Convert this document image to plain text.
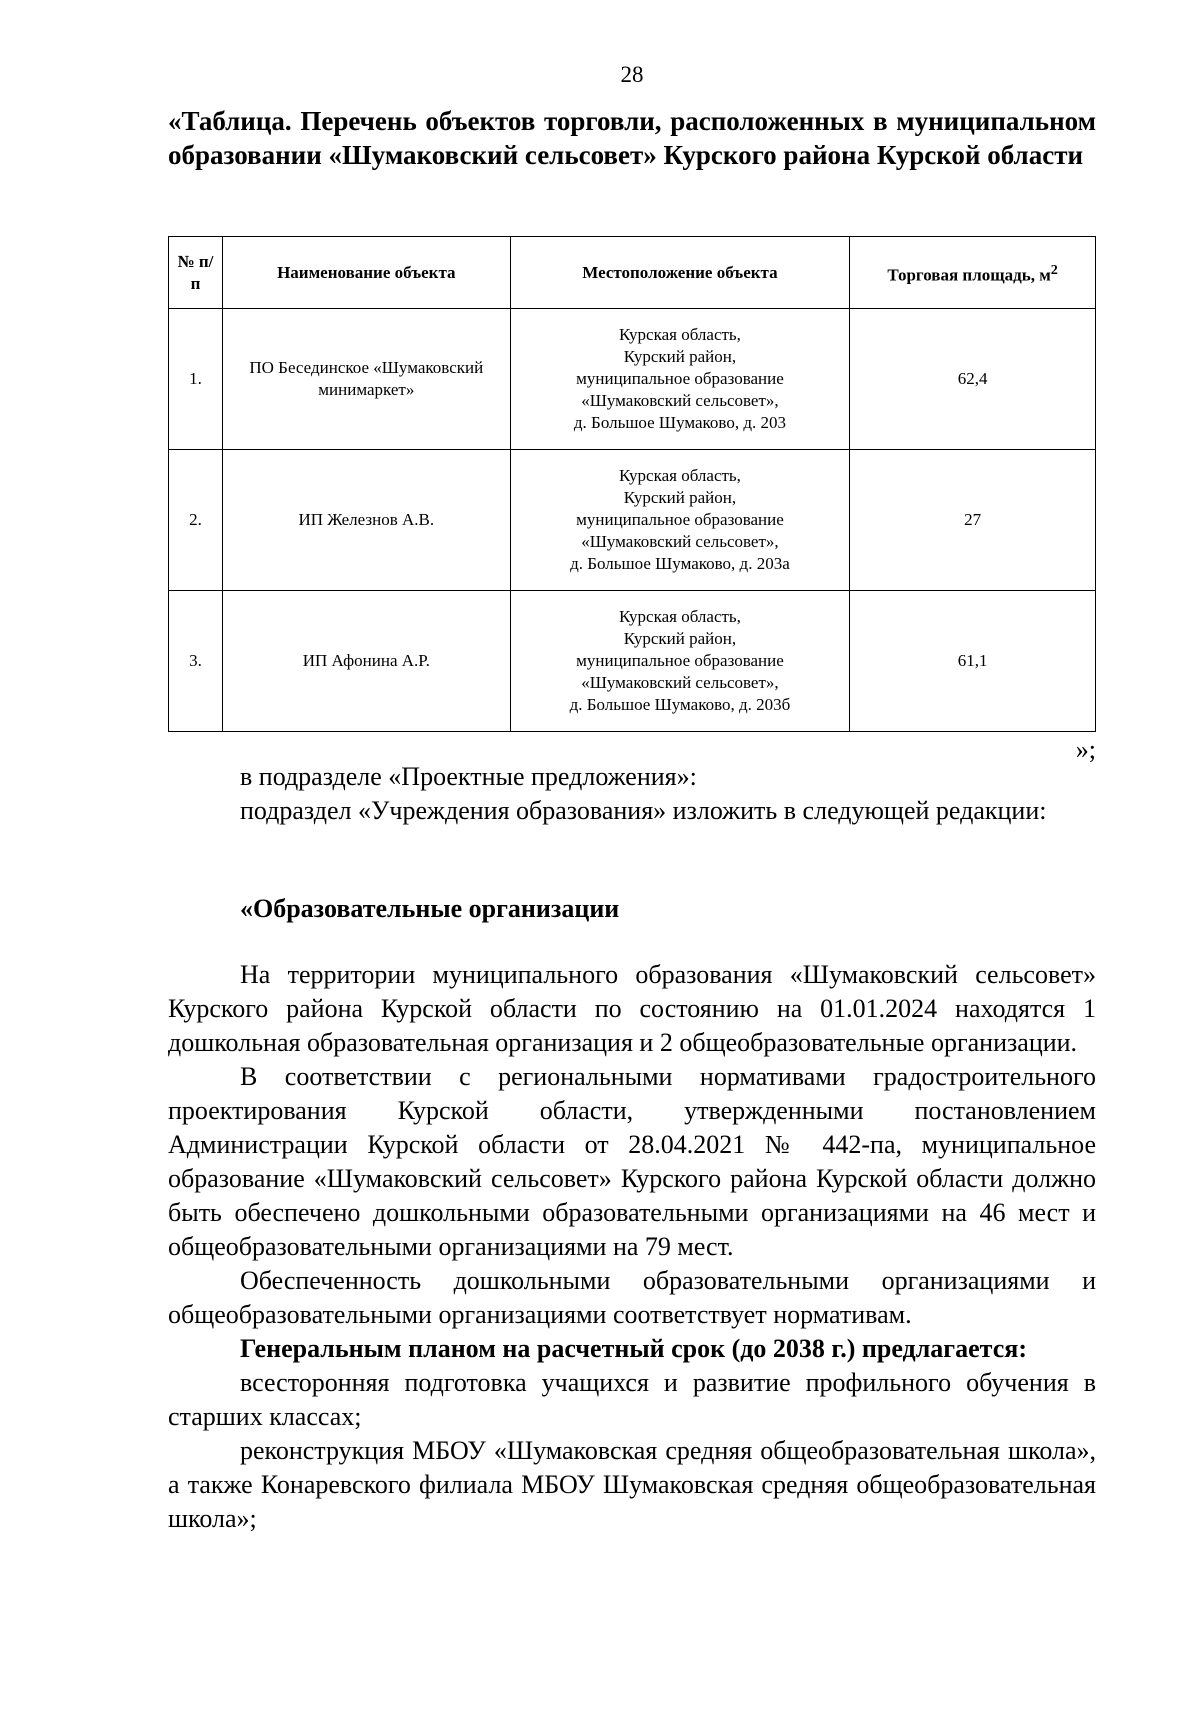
28
«Таблица. Перечень объектов торговли, расположенных в муниципальном образовании «Шумаковский сельсовет» Курского района Курской области
№ п/п	Наименование объекта	Местоположение объекта	Торговая площадь, $м^2$
1.	ПО Бесединское «Шумаковский минимаркет»	Курская область,
Курский район,
муниципальное образование
«Шумаковский сельсовет»,
д. Большое Шумаково, д. 203	62,4
2.	ИП Железнов А.В.	Курская область,
Курский район,
муниципальное образование
«Шумаковский сельсовет»,
д. Большое Шумаково, д. 203а	27
3.	ИП Афонина А.Р.	Курская область,
Курский район,
муниципальное образование
«Шумаковский сельсовет»,
д. Большое Шумаково, д. 203б	61,1
»;

в подразделе «Проектные предложения»:

подраздел «Учреждения образования» изложить в следующей редакции:

«Образовательные организации

На территории муниципального образования «Шумаковский сельсовет» Курского района Курской области по состоянию на 01.01.2024 находятся 1 дошкольная образовательная организация и 2 общеобразовательные организации.

В соответствии с региональными нормативами градостроительного проектирования Курской области, утвержденными постановлением Администрации Курской области от 28.04.2021 № 442-па, муниципальное образование «Шумаковский сельсовет» Курского района Курской области должно быть обеспечено дошкольными образовательными организациями на 46 мест и общеобразовательными организациями на 79 мест.

Обеспеченность дошкольными образовательными организациями и общеобразовательными организациями соответствует нормативам.

Генеральным планом на расчетный срок (до 2038 г.) предлагается:

всесторонняя подготовка учащихся и развитие профильного обучения в старших классах;

реконструкция МБОУ «Шумаковская средняя общеобразовательная школа», а также Конаревского филиала МБОУ Шумаковская средняя общеобразовательная школа»;
